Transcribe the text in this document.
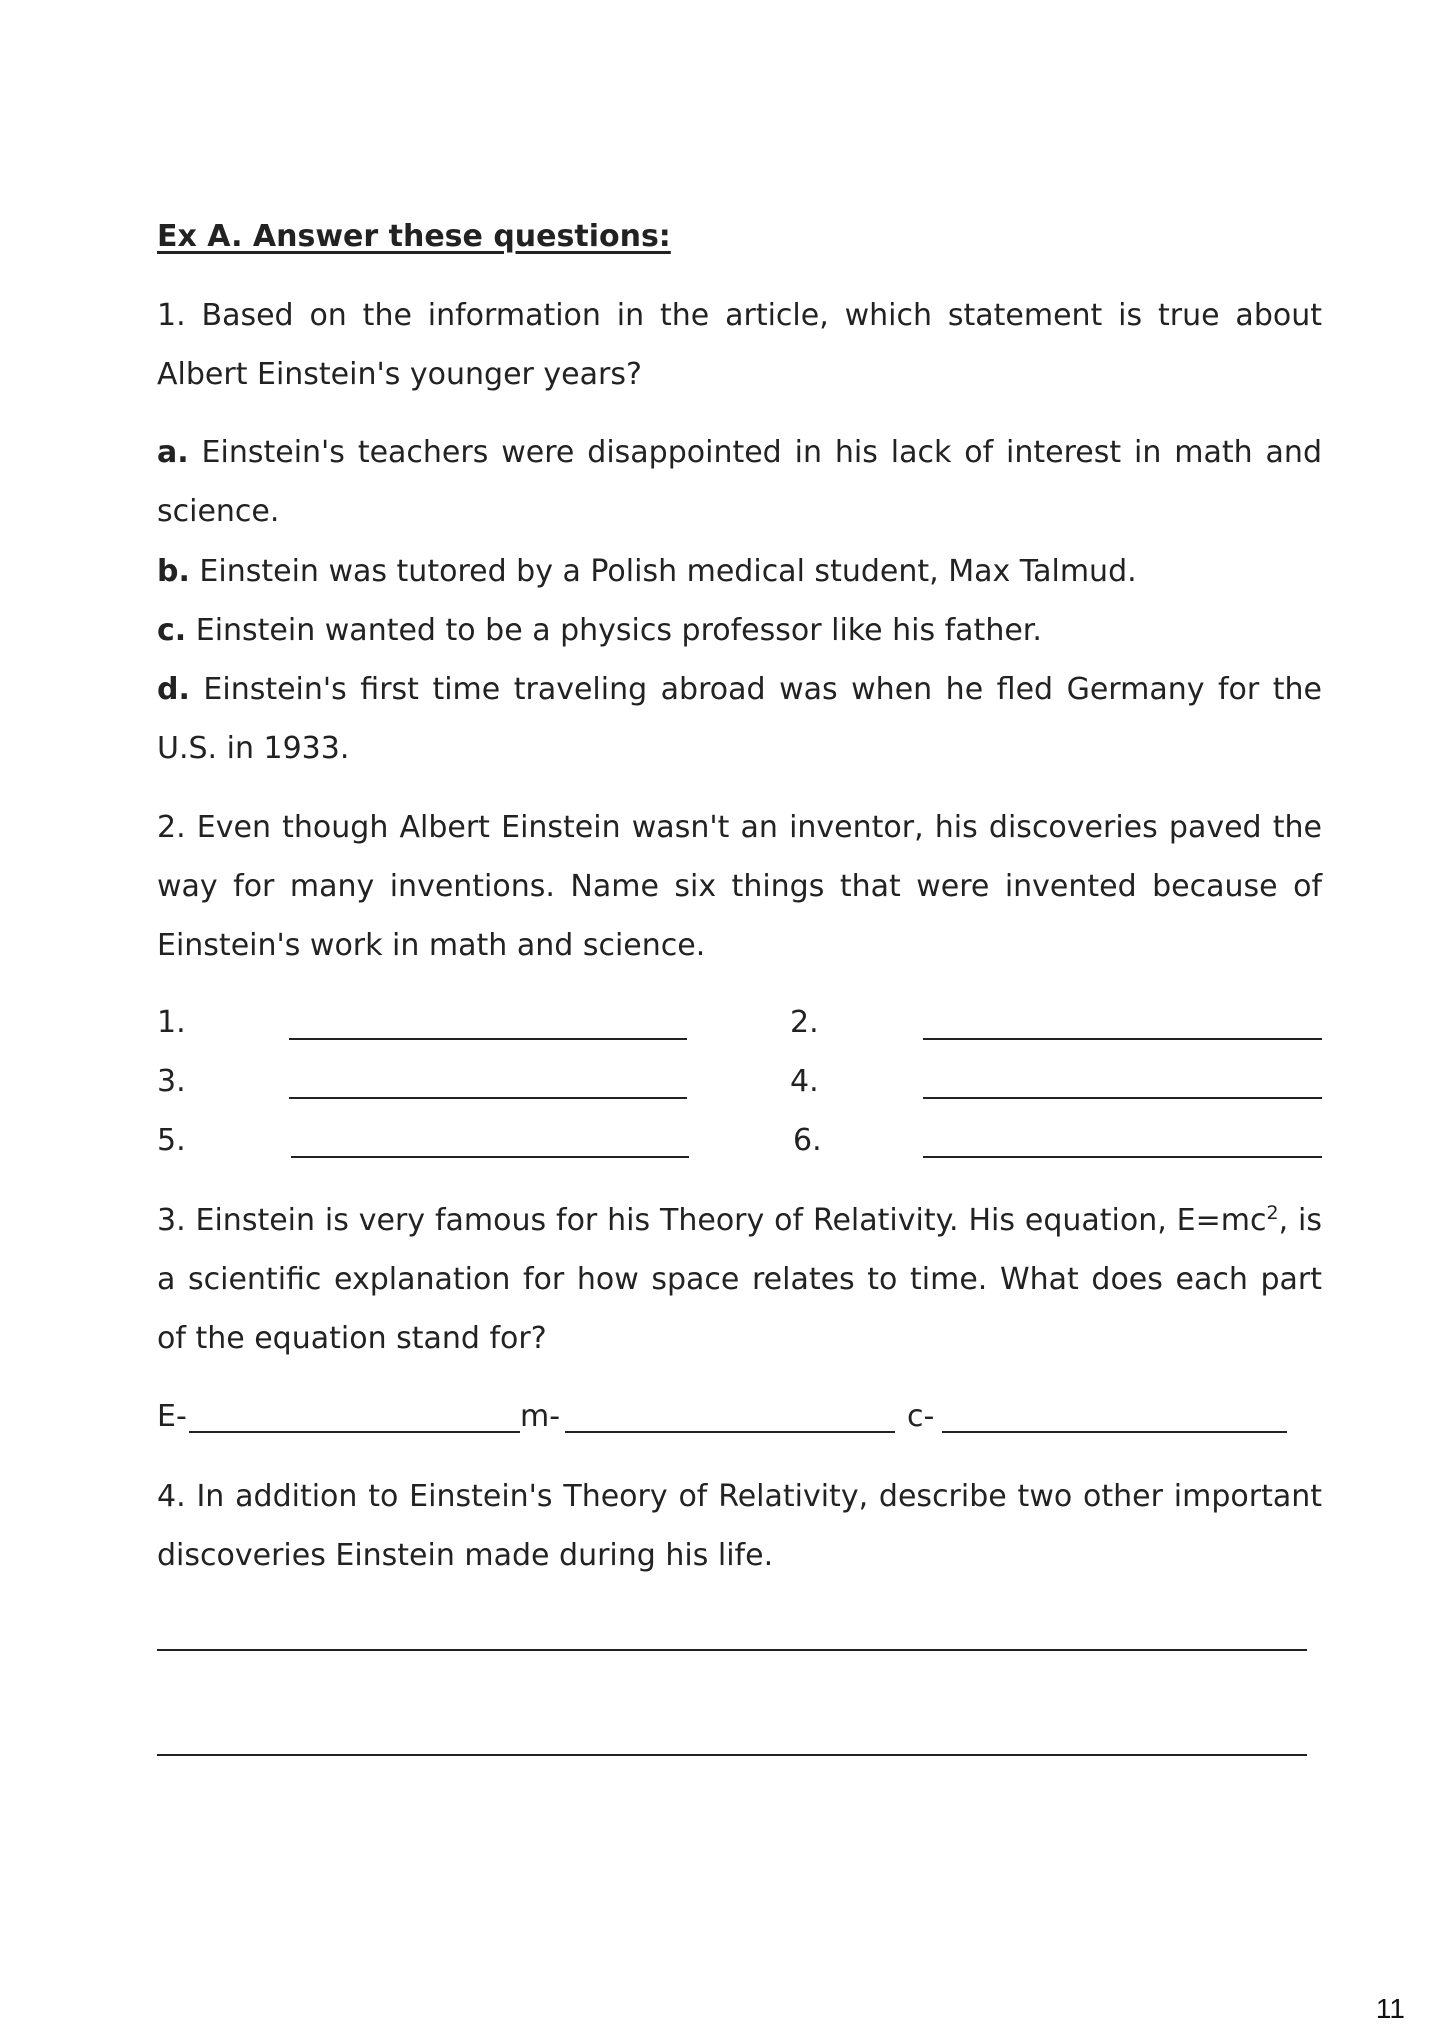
Ex A. Answer these questions:

1. Based on the information in the article, which statement is true about Albert Einstein's younger years?

a. Einstein's teachers were disappointed in his lack of interest in math and science.

b. Einstein was tutored by a Polish medical student, Max Talmud.

c. Einstein wanted to be a physics professor like his father.

d. Einstein's first time traveling abroad was when he fled Germany for the U.S. in 1933.

2. Even though Albert Einstein wasn't an inventor, his discoveries paved the way for many inventions. Name six things that were invented because of Einstein's work in math and science.

1.	2.
3.	4.
5.	6.

3. Einstein is very famous for his Theory of Relativity. His equation, $E=mc^2$, is a scientific explanation for how space relates to time. What does each part of the equation stand for?

E-	m-	c-

4. In addition to Einstein's Theory of Relativity, describe two other important discoveries Einstein made during his life.

11
